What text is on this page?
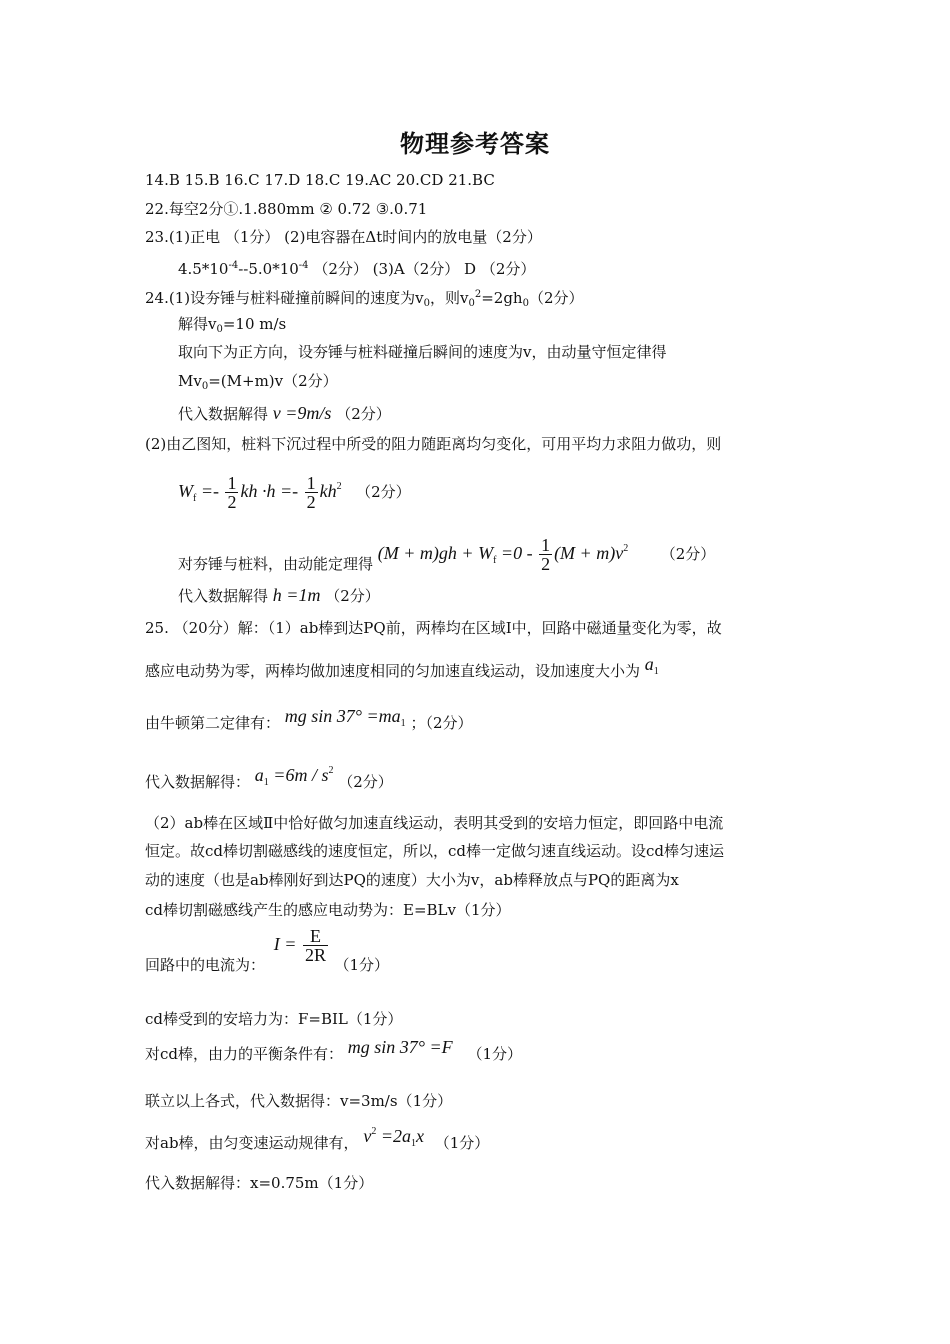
物理参考答案
14.B 15.B 16.C 17.D 18.C 19.AC 20.CD 21.BC
22.每空2分①.1.880mm ② 0.72 ③.0.71
23.(1)正电 （1分） (2)电容器在Δt时间内的放电量（2分）
$4.5*10^{-4}--5.0*10^{-4}$ （2分） (3)A（2分） D （2分）
24.(1)设夯锤与桩料碰撞前瞬间的速度为$v_0$，则$v_0^2=2gh_0(2$分）
解得$v_0=10$ m/s
取向下为正方向，设夯锤与桩料碰撞后瞬间的速度为v，由动量守恒定律得
$Mv_0=(M+m)v(2$分）
代入数据解得 v =9m/s （2分）
(2)由乙图知，桩料下沉过程中所受的阻力随距离均匀变化，可用平均力求阻力做功，则
$W_f =- \frac{1}{2}$ kh $\cdot h =- \frac{1}{2} kh^2$ （2分）
对夯锤与桩料，由动能定理得 $(M + m)gh + W_f =0 - \frac{1}{2} (M + m)v^2$ （2分）
代入数据解得 h =1m （2分）
25. （20分）解：（1）ab棒到达PQ前，两棒均在区域Ⅰ中，回路中磁通量变化为零，故
感应电动势为零，两棒均做加速度相同的匀加速直线运动，设加速度大小为 $a_1$
由牛顿第二定律有： mg $\sin 37^\circ =ma_1$ ；（2分）
代入数据解得： $a_1 =6m / s^2$ （2分）
（2）ab棒在区域Ⅱ中恰好做匀加速直线运动，表明其受到的安培力恒定，即回路中电流
恒定。故cd棒切割磁感线的速度恒定，所以，cd棒一定做匀速直线运动。设cd棒匀速运
动的速度（也是ab棒刚好到达PQ的速度）大小为v，ab棒释放点与PQ的距离为x
cd棒切割磁感线产生的感应电动势为：E=BLv（1分）
回路中的电流为： $I = \frac{E}{2R}$
（1分）
cd棒受到的安培力为：F=BIL（1分）
对cd棒，由力的平衡条件有： mg sin 37° =F （1分）
联立以上各式，代入数据得：v=3m/s（1分）
对ab棒，由匀变速运动规律有， $v^2 =2a_1x$ （1分）
代入数据解得：x=0.75m（1分）
